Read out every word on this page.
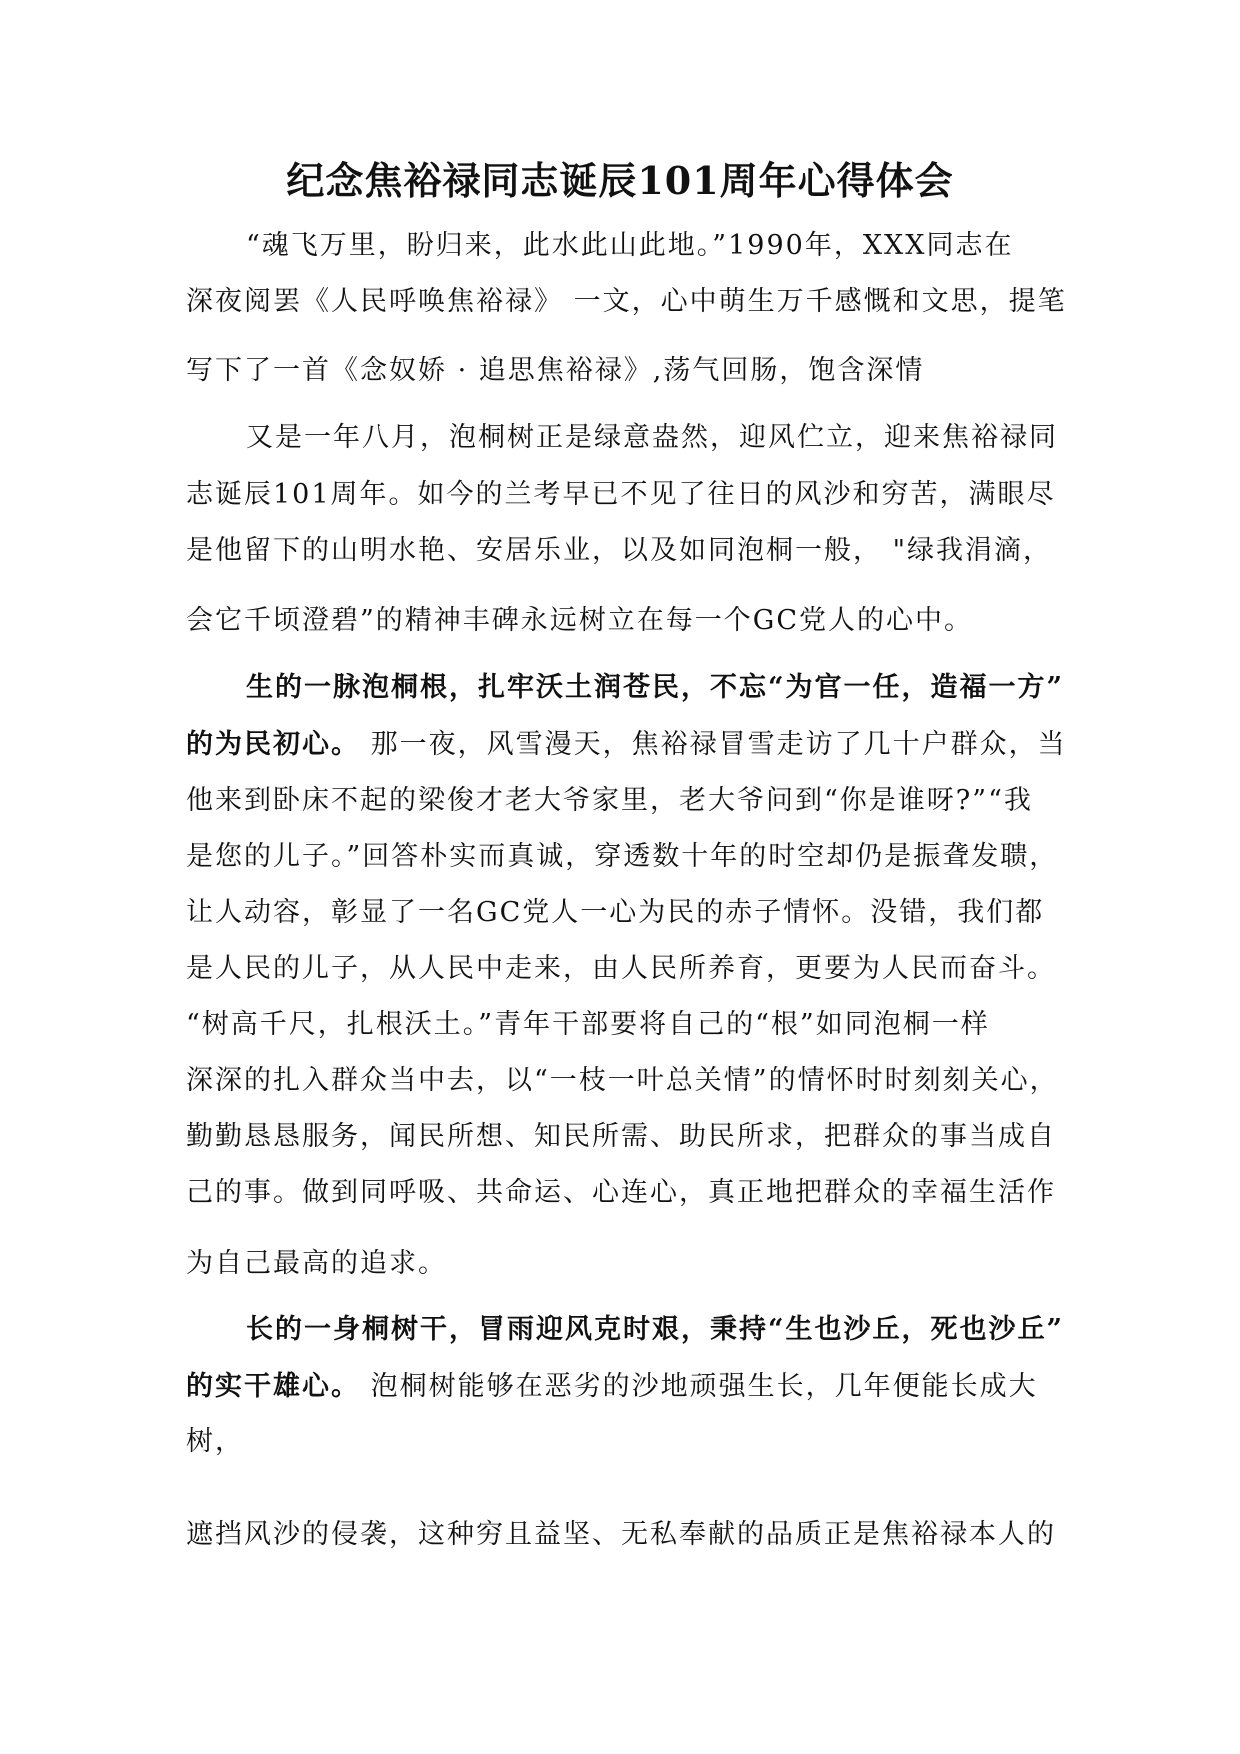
纪念焦裕禄同志诞辰101周年心得体会
“魂飞万里，盼归来，此水此山此地。”1990年，XXX同志在
深夜阅罢《人民呼唤焦裕禄》 一文，心中萌生万千感慨和文思，提笔
写下了一首《念奴娇 · 追思焦裕禄》,荡气回肠，饱含深情
又是一年八月，泡桐树正是绿意盎然，迎风伫立，迎来焦裕禄同
志诞辰101周年。如今的兰考早已不见了往日的风沙和穷苦，满眼尽
是他留下的山明水艳、安居乐业，以及如同泡桐一般， "绿我涓滴，
会它千顷澄碧”的精神丰碑永远树立在每一个GC党人的心中。
生的一脉泡桐根，扎牢沃土润苍民，不忘“为官一任，造福一方”
的为民初心。 那一夜，风雪漫天，焦裕禄冒雪走访了几十户群众，当
他来到卧床不起的梁俊才老大爷家里，老大爷问到“你是谁呀?”“我
是您的儿子。”回答朴实而真诚，穿透数十年的时空却仍是振聋发聩，
让人动容，彰显了一名GC党人一心为民的赤子情怀。没错，我们都
是人民的儿子，从人民中走来，由人民所养育，更要为人民而奋斗。
“树高千尺，扎根沃土。”青年干部要将自己的“根”如同泡桐一样
深深的扎入群众当中去，以“一枝一叶总关情”的情怀时时刻刻关心，
勤勤恳恳服务，闻民所想、知民所需、助民所求，把群众的事当成自
己的事。做到同呼吸、共命运、心连心，真正地把群众的幸福生活作
为自己最高的追求。
长的一身桐树干，冒雨迎风克时艰，秉持“生也沙丘，死也沙丘”
的实干雄心。 泡桐树能够在恶劣的沙地顽强生长，几年便能长成大
树，
遮挡风沙的侵袭，这种穷且益坚、无私奉献的品质正是焦裕禄本人的
